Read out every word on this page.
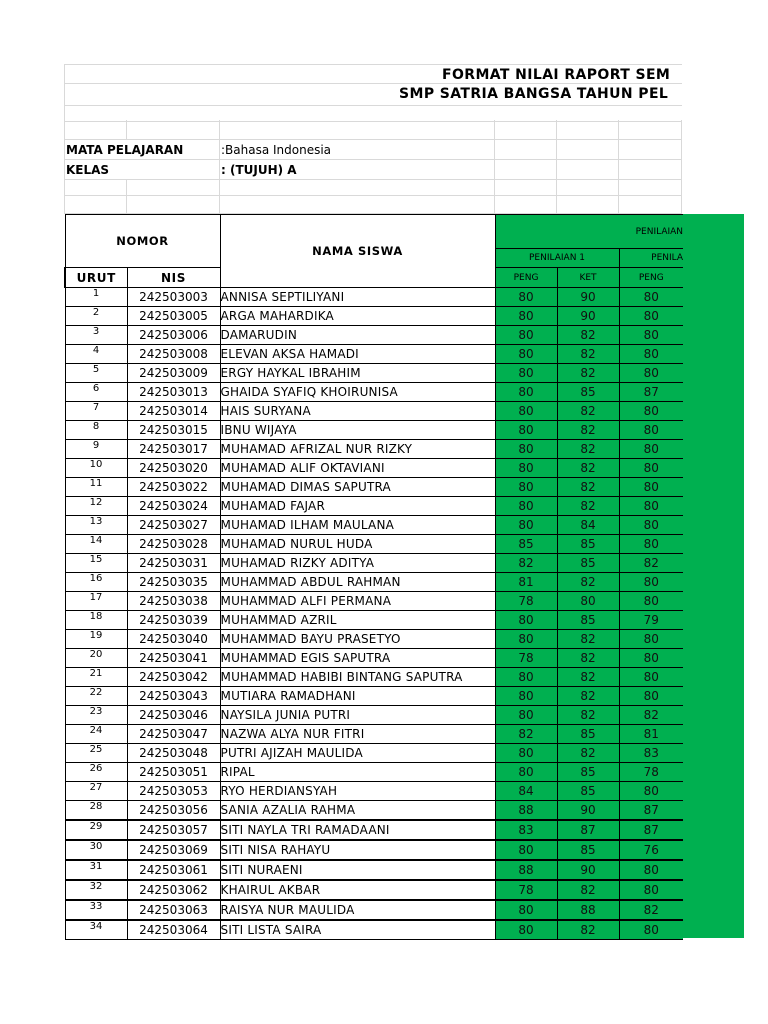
FORMAT NILAI RAPORT SEM
SMP SATRIA BANGSA TAHUN PEL
MATA PELAJARAN	:Bahasa Indonesia
KELAS	: (TUJUH) A
NOMOR		NAMA SISWA	PENILAIAN		
			PENILAIAN 1		PENILA
URUT	NIS		PENG	KET	PENG
1	242503003	ANNISA SEPTILIYANI	80	90	80
2	242503005	ARGA MAHARDIKA	80	90	80
3	242503006	DAMARUDIN	80	82	80
4	242503008	ELEVAN AKSA HAMADI	80	82	80
5	242503009	ERGY HAYKAL IBRAHIM	80	82	80
6	242503013	GHAIDA SYAFIQ KHOIRUNISA	80	85	87
7	242503014	HAIS SURYANA	80	82	80
8	242503015	IBNU WIJAYA	80	82	80
9	242503017	MUHAMAD AFRIZAL NUR RIZKY	80	82	80
10	242503020	MUHAMAD ALIF OKTAVIANI	80	82	80
11	242503022	MUHAMAD DIMAS SAPUTRA	80	82	80
12	242503024	MUHAMAD FAJAR	80	82	80
13	242503027	MUHAMAD ILHAM MAULANA	80	84	80
14	242503028	MUHAMAD NURUL HUDA	85	85	80
15	242503031	MUHAMAD RIZKY ADITYA	82	85	82
16	242503035	MUHAMMAD ABDUL RAHMAN	81	82	80
17	242503038	MUHAMMAD ALFI PERMANA	78	80	80
18	242503039	MUHAMMAD AZRIL	80	85	79
19	242503040	MUHAMMAD BAYU PRASETYO	80	82	80
20	242503041	MUHAMMAD EGIS SAPUTRA	78	82	80
21	242503042	MUHAMMAD HABIBI BINTANG SAPUTRA	80	82	80
22	242503043	MUTIARA RAMADHANI	80	82	80
23	242503046	NAYSILA JUNIA PUTRI	80	82	82
24	242503047	NAZWA ALYA NUR FITRI	82	85	81
25	242503048	PUTRI AJIZAH MAULIDA	80	82	83
26	242503051	RIPAL	80	85	78
27	242503053	RYO HERDIANSYAH	84	85	80
28	242503056	SANIA AZALIA RAHMA	88	90	87
29	242503057	SITI NAYLA TRI RAMADAANI	83	87	87
30	242503069	SITI NISA RAHAYU	80	85	76
31	242503061	SITI NURAENI	88	90	80
32	242503062	KHAIRUL AKBAR	78	82	80
33	242503063	RAISYA NUR MAULIDA	80	88	82
34	242503064	SITI LISTA SAIRA	80	82	80
